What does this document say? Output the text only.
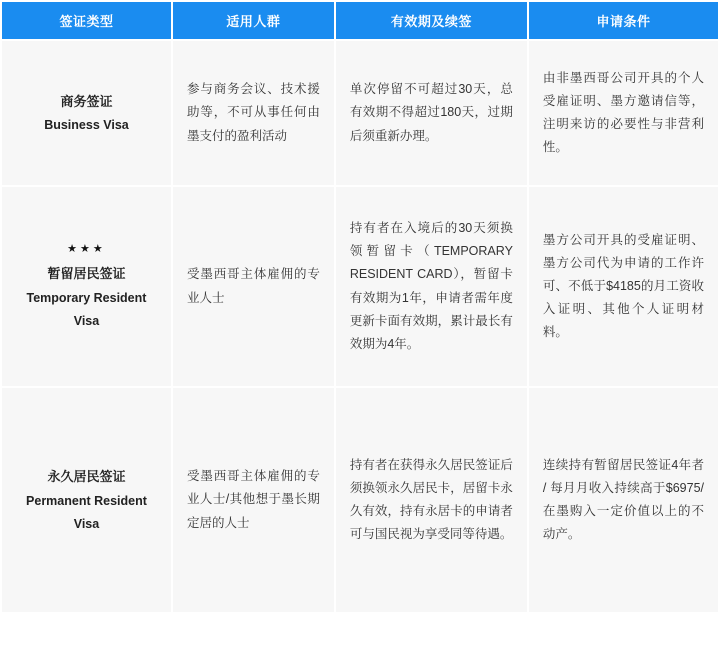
签证类型	适用人群	有效期及续签	申请条件

商务签证
Business Visa	参与商务会议、技术援助等，不可从事任何由墨支付的盈利活动	单次停留不可超过30天，总有效期不得超过180天，过期后须重新办理。	由非墨西哥公司开具的个人受雇证明、墨方邀请信等，注明来访的必要性与非营利性。

★★★
暂留居民签证
Temporary Resident Visa	受墨西哥主体雇佣的专业人士	持有者在入境后的30天须换领暂留卡（TEMPORARY RESIDENT CARD），暂留卡有效期为1年，申请者需年度更新卡面有效期，累计最长有效期为4年。	墨方公司开具的受雇证明、墨方公司代为申请的工作许可、不低于$4185的月工资收入证明、其他个人证明材料。

永久居民签证
Permanent Resident Visa	受墨西哥主体雇佣的专业人士/其他想于墨长期定居的人士	持有者在获得永久居民签证后须换领永久居民卡，居留卡永久有效，持有永居卡的申请者可与国民视为享受同等待遇。	连续持有暂留居民签证4年者 / 每月月收入持续高于$6975/在墨购入一定价值以上的不动产。
